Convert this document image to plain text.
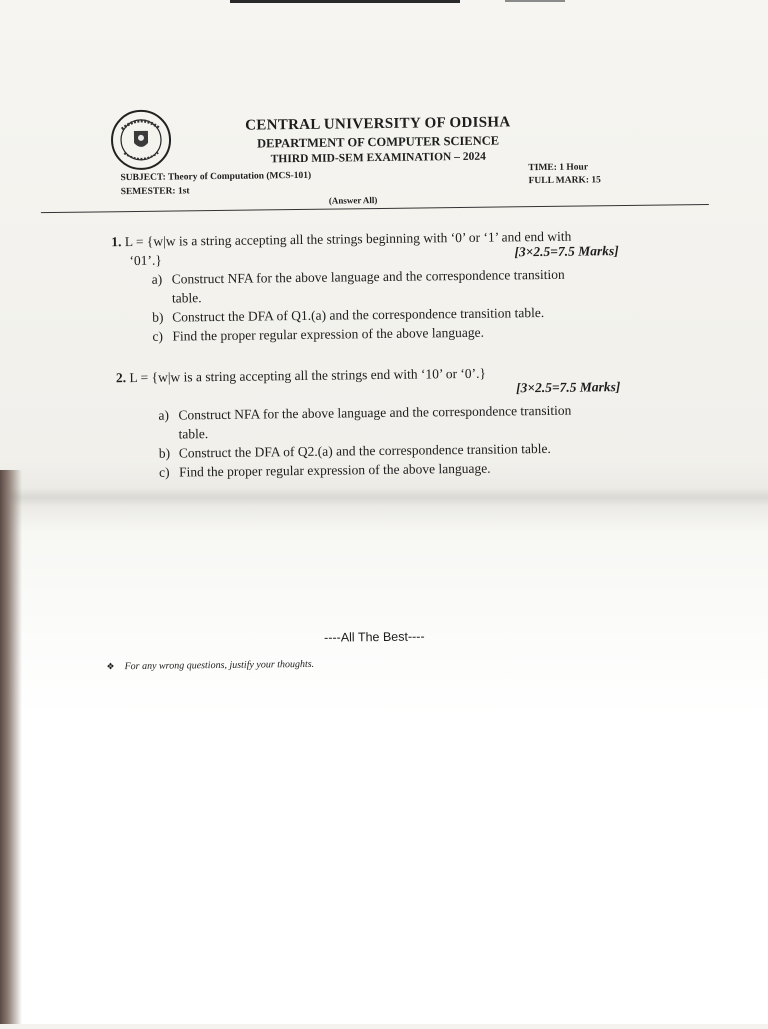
CENTRAL UNIVERSITY OF ODISHA
DEPARTMENT OF COMPUTER SCIENCE
THIRD MID-SEM EXAMINATION – 2024
SUBJECT: Theory of Computation (MCS-101)
SEMESTER: 1st
TIME: 1 Hour
FULL MARK: 15
(Answer All)
1. L = {w|w is a string accepting all the strings beginning with ‘0’ or ‘1’ and end with
‘01’.}
[3×2.5=7.5 Marks]
a) Construct NFA for the above language and the correspondence transition
table.
b) Construct the DFA of Q1.(a) and the correspondence transition table.
c) Find the proper regular expression of the above language.
2. L = {w|w is a string accepting all the strings end with ‘10’ or ‘0’.}
[3×2.5=7.5 Marks]
a) Construct NFA for the above language and the correspondence transition
table.
b) Construct the DFA of Q2.(a) and the correspondence transition table.
c) Find the proper regular expression of the above language.
----All The Best----
❖ For any wrong questions, justify your thoughts.
